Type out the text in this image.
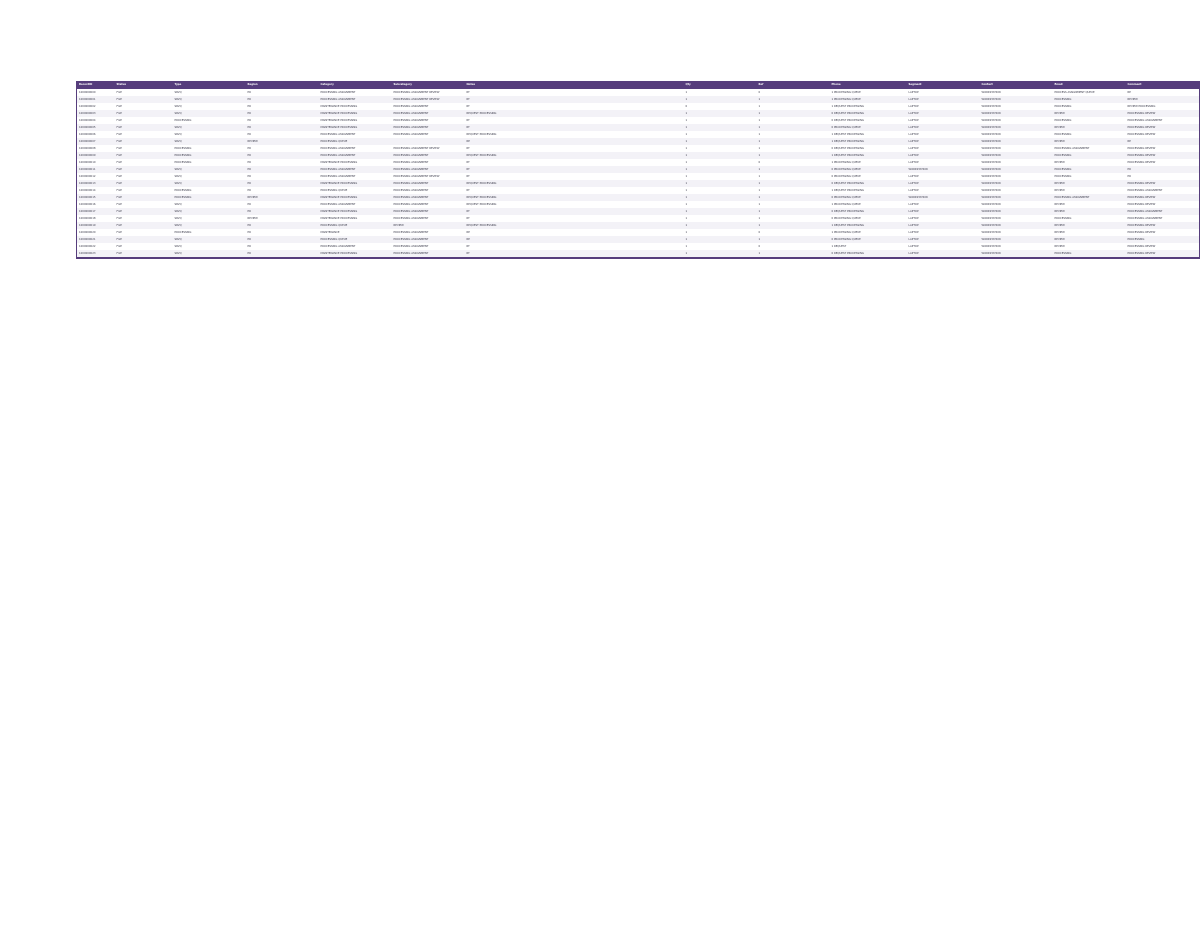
RecordID	Status	Type	Region	Category	Subcategory	Notes			Qty	Ref			Phone	Segment	Contact	Email	Comment
1000000000	FILE	SRVQ	PR	PROCESSING ASSIGNMENT	PROCESSING ASSIGNMENT REVIEW	RT			1	0			1 PROCESSING QUEUE	LAPTOP	WORKSTATION	PROCESS ASSIGNMENT QUEUE	RE
1000000001	FILE	SRVQ	PR	PROCESSING ASSIGNMENT	PROCESSING ASSIGNMENT REVIEW	RT			1	1			1 PROCESSING QUEUE	LAPTOP	WORKSTATION	PROCESSING	REVIEW
1000000002	FILE	SRVQ	PR	MAINTENANCE PROCESSING	PROCESSING ASSIGNMENT	RT			0	1			1 REQUEST PROCESSING	LAPTOP	WORKSTATION	PROCESSING	REVIEW PROCESSING
1000000003	FILE	SRVQ	PR	MAINTENANCE PROCESSING	PROCESSING ASSIGNMENT	REQUEST PROCESSING			1	1			0 REQUEST PROCESSING	LAPTOP	WORKSTATION	REVIEW	PROCESSING REVIEW
1000000004	FILE	PROCESSING	PR	MAINTENANCE PROCESSING	PROCESSING ASSIGNMENT	RT			1	1			0 REQUEST PROCESSING	LAPTOP	WORKSTATION	PROCESSING	PROCESSING ASSIGNMENT
1000000005	FILE	SRVQ	PR	MAINTENANCE PROCESSING	PROCESSING ASSIGNMENT	RT			1	1			0 PROCESSING QUEUE	LAPTOP	WORKSTATION	REVIEW	PROCESSING REVIEW
1000000006	FILE	SRVQ	PR	PROCESSING ASSIGNMENT	PROCESSING ASSIGNMENT	REQUEST PROCESSING			1	1			1 REQUEST PROCESSING	LAPTOP	WORKSTATION	PROCESSING	PROCESSING REVIEW
1000000007	FILE	SRVQ	REVIEW	PROCESSING QUEUE		RE			1	1			1 REQUEST PROCESSING	LAPTOP	WORKSTATION	REVIEW	RE
1000000008	FILE	PROCESSING	PR	PROCESSING ASSIGNMENT	PROCESSING ASSIGNMENT REVIEW	RT			1	1			0 REQUEST PROCESSING	LAPTOP	WORKSTATION	PROCESSING ASSIGNMENT	PROCESSING REVIEW
1000000009	FILE	PROCESSING	PR	PROCESSING ASSIGNMENT	PROCESSING ASSIGNMENT	REQUEST PROCESSING			1	1			1 REQUEST PROCESSING	LAPTOP	WORKSTATION	PROCESSING	PROCESSING REVIEW
1000000010	FILE	PROCESSING	PR	MAINTENANCE PROCESSING	PROCESSING ASSIGNMENT	RT			1	0			1 PROCESSING QUEUE	LAPTOP	WORKSTATION	REVIEW	PROCESSING REVIEW
1000000011	FILE	SRVQ	PR	PROCESSING ASSIGNMENT	PROCESSING ASSIGNMENT	RT			1	1			0 PROCESSING QUEUE	WORKSTATION	WORKSTATION	PROCESSING	PR
1000000012	FILE	SRVQ	PR	PROCESSING ASSIGNMENT	PROCESSING ASSIGNMENT REVIEW	RT			1	1			0 PROCESSING QUEUE	LAPTOP	WORKSTATION	PROCESSING	PR
1000000013	FILE	SRVQ	PR	MAINTENANCE PROCESSING	PROCESSING ASSIGNMENT	REQUEST PROCESSING			1	1			0 REQUEST PROCESSING	LAPTOP	WORKSTATION	REVIEW	PROCESSING REVIEW
1000000014	FILE	PROCESSING	PR	PROCESSING QUEUE	PROCESSING ASSIGNMENT	RT			1	1			1 REQUEST PROCESSING	LAPTOP	WORKSTATION	REVIEW	PROCESSING ASSIGNMENT
1000000015	FILE	PROCESSING	REVIEW	MAINTENANCE PROCESSING	PROCESSING ASSIGNMENT	REQUEST PROCESSING			1	1			0 PROCESSING QUEUE	WORKSTATION	WORKSTATION	PROCESSING ASSIGNMENT	PROCESSING REVIEW
1000000016	FILE	SRVQ	PR	PROCESSING ASSIGNMENT	PROCESSING ASSIGNMENT	REQUEST PROCESSING			1	1			1 PROCESSING QUEUE	LAPTOP	WORKSTATION	REVIEW	PROCESSING REVIEW
1000000017	FILE	SRVQ	PR	MAINTENANCE PROCESSING	PROCESSING ASSIGNMENT	RT			1	1			0 REQUEST PROCESSING	LAPTOP	WORKSTATION	REVIEW	PROCESSING ASSIGNMENT
1000000018	FILE	SRVQ	REVIEW	MAINTENANCE PROCESSING	PROCESSING ASSIGNMENT	RT			1	1			0 PROCESSING QUEUE	LAPTOP	WORKSTATION	PROCESSING	PROCESSING ASSIGNMENT
1000000019	FILE	SRVQ	PR	PROCESSING QUEUE	REVIEW	REQUEST PROCESSING			1	1			1 REQUEST PROCESSING	LAPTOP	WORKSTATION	REVIEW	PROCESSING REVIEW
1000000020	FILE	PROCESSING	PR	MAINTENANCE	PROCESSING ASSIGNMENT	RE			1	0			1 PROCESSING QUEUE	LAPTOP	WORKSTATION	REVIEW	PROCESSING REVIEW
1000000021	FILE	SRVQ	PR	PROCESSING QUEUE	PROCESSING ASSIGNMENT	RE			1	1			0 PROCESSING QUEUE	LAPTOP	WORKSTATION	REVIEW	PROCESSING
1000000022	FILE	SRVQ	PR	PROCESSING ASSIGNMENT	PROCESSING ASSIGNMENT	RT			1	0			1 REQUEST	LAPTOP	WORKSTATION	REVIEW	PROCESSING REVIEW
1000000023	FILE	SRVQ	PR	MAINTENANCE PROCESSING	PROCESSING ASSIGNMENT	RT			1	1			0 REQUEST PROCESSING	LAPTOP	WORKSTATION	PROCESSING	PROCESSING REVIEW
